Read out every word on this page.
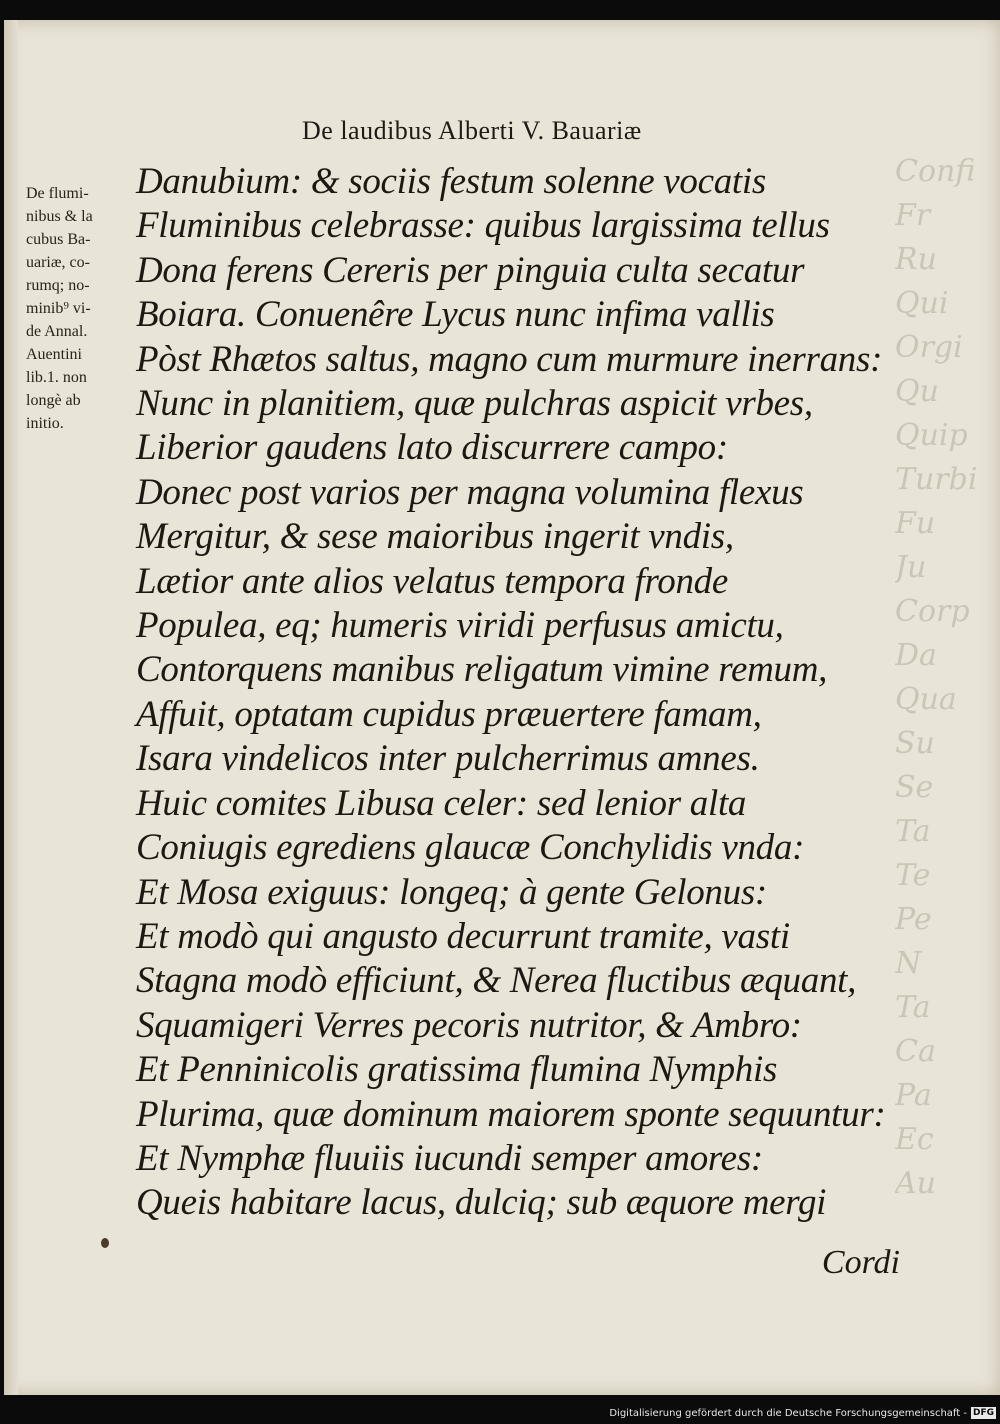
Confi
Fr
Ru
Qui
Orgi
Qu
Quip
Turbi
Fu
Ju
Corp
Da
Qua
Su
Se
Ta
Te
Pe
N
Ta
Ca
Pa
Ec
Au
De laudibus Alberti V. Bauariæ
De flumi-
nibus & la
cubus Ba-
uariæ, co-
rumq; no-
minib⁹ vi-
de Annal.
Auentini
lib.1. non
longè ab
initio.
Danubium: & sociis festum solenne vocatis
Fluminibus celebrasse: quibus largissima tellus
Dona ferens Cereris per pinguia culta secatur
Boiara. Conuenêre Lycus nunc infima vallis
Pòst Rhætos saltus, magno cum murmure inerrans:
Nunc in planitiem, quæ pulchras aspicit vrbes,
Liberior gaudens lato discurrere campo:
Donec post varios per magna volumina flexus
Mergitur, & sese maioribus ingerit vndis,
Lætior ante alios velatus tempora fronde
Populea, eq; humeris viridi perfusus amictu,
Contorquens manibus religatum vimine remum,
Affuit, optatam cupidus præuertere famam,
Isara vindelicos inter pulcherrimus amnes.
Huic comites Libusa celer: sed lenior alta
Coniugis egrediens glaucæ Conchylidis vnda:
Et Mosa exiguus: longeq; à gente Gelonus:
Et modò qui angusto decurrunt tramite, vasti
Stagna modò efficiunt, & Nerea fluctibus æquant,
Squamigeri Verres pecoris nutritor, & Ambro:
Et Penninicolis gratissima flumina Nymphis
Plurima, quæ dominum maiorem sponte sequuntur:
Et Nymphæ fluuiis iucundi semper amores:
Queis habitare lacus, dulciq; sub æquore mergi
Cordi
Digitalisierung gefördert durch die Deutsche Forschungsgemeinschaft - DFG
